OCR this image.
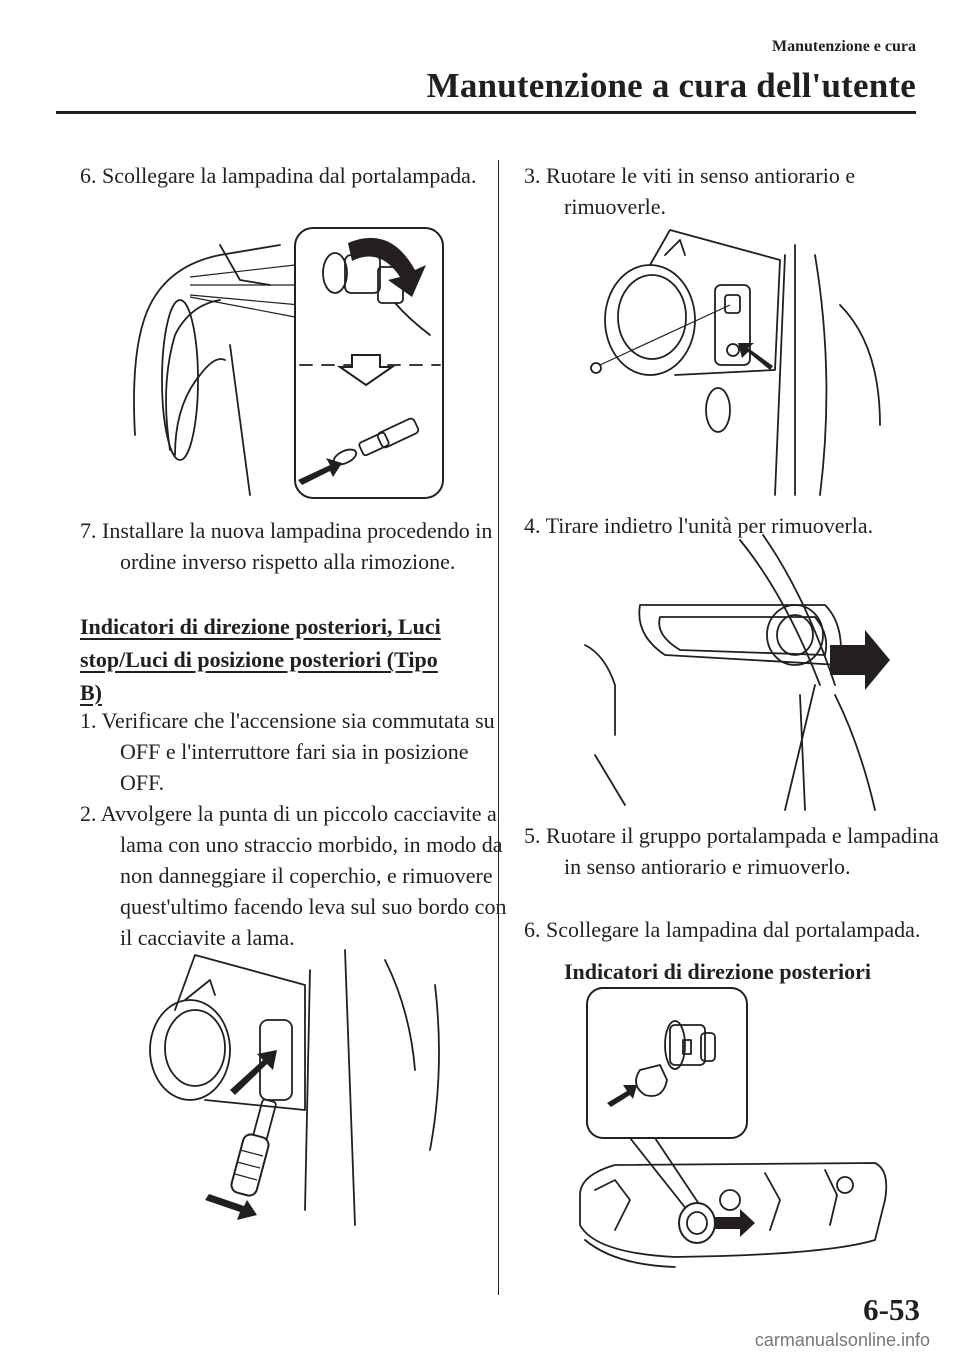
Manutenzione e cura
Manutenzione a cura dell'utente
6. Scollegare la lampadina dal portalampada.
7. Installare la nuova lampadina procedendo in ordine inverso rispetto alla rimozione.
Indicatori di direzione posteriori, Luci stop/Luci di posizione posteriori (Tipo B)
1. Verificare che l'accensione sia commutata su OFF e l'interruttore fari sia in posizione OFF.
2. Avvolgere la punta di un piccolo cacciavite a lama con uno straccio morbido, in modo da non danneggiare il coperchio, e rimuovere quest'ultimo facendo leva sul suo bordo con il cacciavite a lama.
3. Ruotare le viti in senso antiorario e rimuoverle.
4. Tirare indietro l'unità per rimuoverla.
5. Ruotare il gruppo portalampada e lampadina in senso antiorario e rimuoverlo.
6. Scollegare la lampadina dal portalampada.
Indicatori di direzione posteriori
6-53
carmanualsonline.info
